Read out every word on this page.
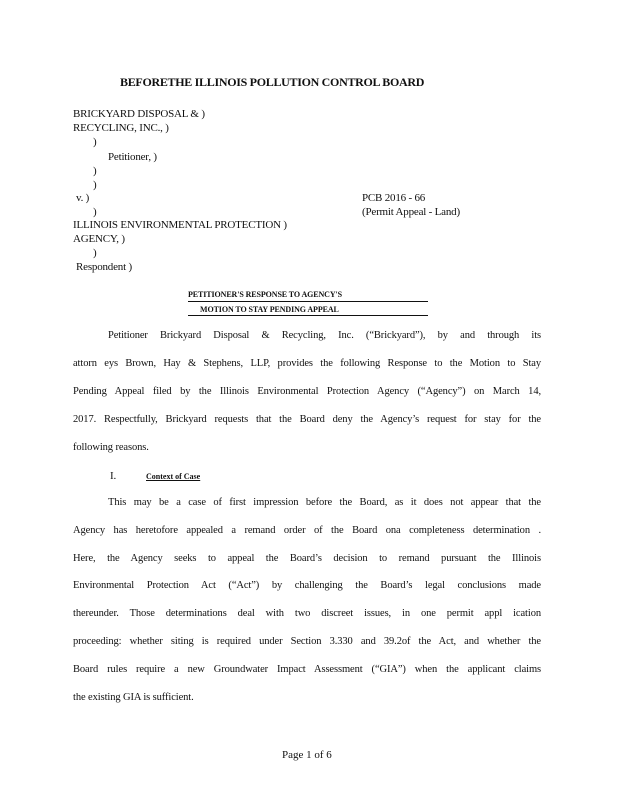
BEFORETHE ILLINOIS POLLUTION CONTROL BOARD
BRICKYARD DISPOSAL & )
RECYCLING, INC., )
)
Petitioner, )
)
)
v. )	PCB 2016 - 66
)	(Permit Appeal - Land)
ILLINOIS ENVIRONMENTAL PROTECTION )
AGENCY, )
)
Respondent )
PETITIONER'S RESPONSE TO AGENCY'S
MOTION TO STAY PENDING APPEAL
Petitioner Brickyard Disposal & Recycling, Inc. (“Brickyard”), by and through its
attorn eys Brown, Hay & Stephens, LLP, provides the following Response to the Motion to Stay
Pending Appeal filed by the Illinois Environmental Protection Agency (“Agency”) on March 14,
2017. Respectfully, Brickyard requests that the Board deny the Agency’s request for stay for the
following reasons.
I.	Context of Case
This may be a case of first impression before the Board, as it does not appear that the
Agency has heretofore appealed a remand order of the Board ona completeness determination .
Here, the Agency seeks to appeal the Board’s decision to remand pursuant the Illinois
Environmental Protection Act (“Act”) by challenging the Board’s legal conclusions made
thereunder. Those determinations deal with two discreet issues, in one permit appl ication
proceeding: whether siting is required under Section 3.330 and 39.2of the Act, and whether the
Board rules require a new Groundwater Impact Assessment (“GIA”) when the applicant claims
the existing GIA is sufficient.
Page 1 of 6
